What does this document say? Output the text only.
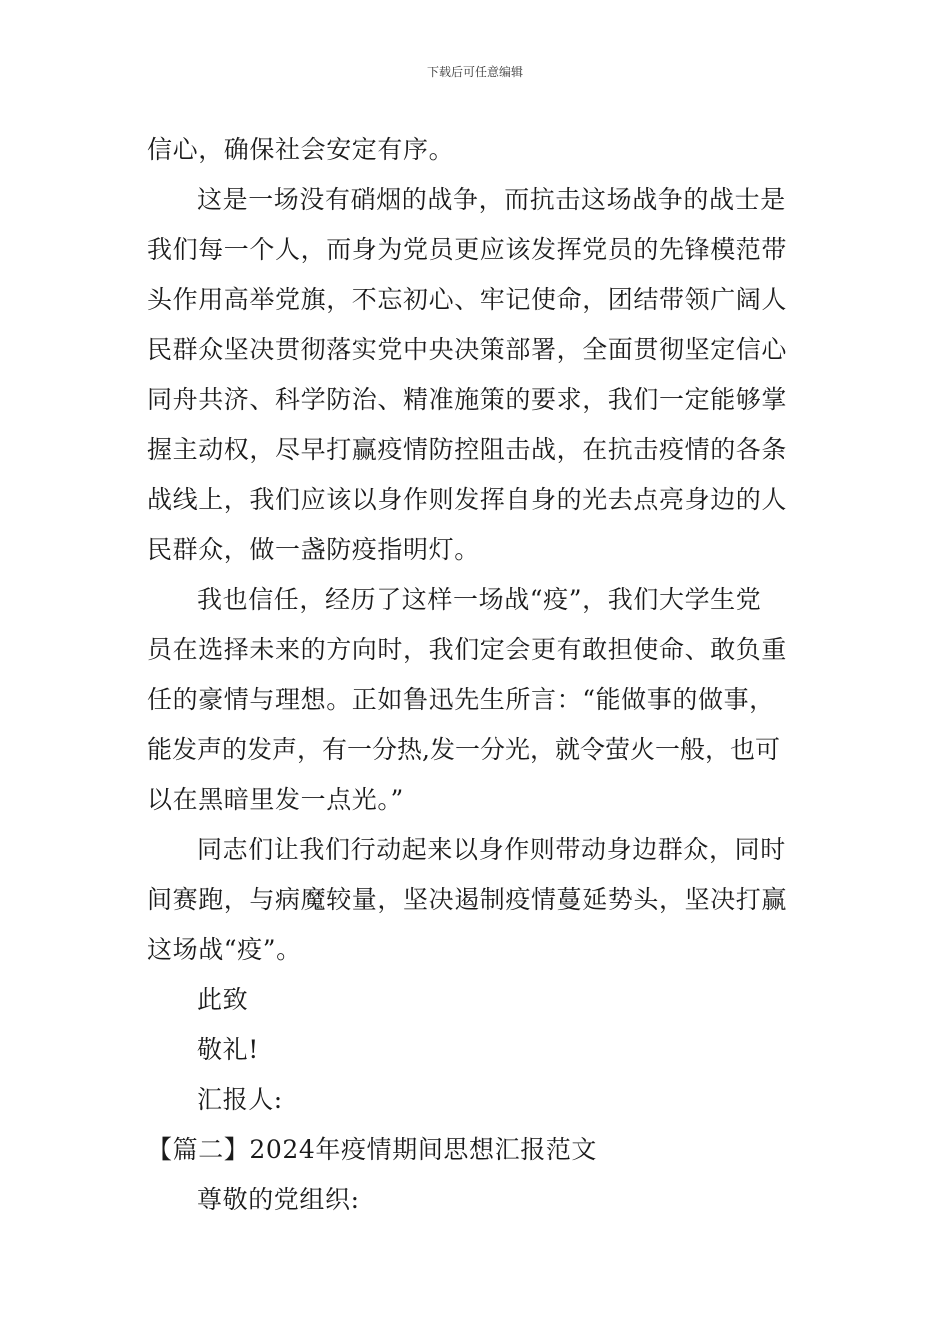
下载后可任意编辑
信心，确保社会安定有序。
这是一场没有硝烟的战争，而抗击这场战争的战士是
我们每一个人，而身为党员更应该发挥党员的先锋模范带
头作用高举党旗，不忘初心、牢记使命，团结带领广阔人
民群众坚决贯彻落实党中央决策部署，全面贯彻坚定信心
同舟共济、科学防治、精准施策的要求，我们一定能够掌
握主动权，尽早打赢疫情防控阻击战，在抗击疫情的各条
战线上，我们应该以身作则发挥自身的光去点亮身边的人
民群众，做一盏防疫指明灯。
我也信任，经历了这样一场战“疫”，我们大学生党
员在选择未来的方向时，我们定会更有敢担使命、敢负重
任的豪情与理想。正如鲁迅先生所言：“能做事的做事，
能发声的发声，有一分热,发一分光，就令萤火一般，也可
以在黑暗里发一点光。”
同志们让我们行动起来以身作则带动身边群众，同时
间赛跑，与病魔较量，坚决遏制疫情蔓延势头，坚决打赢
这场战“疫”。
此致
敬礼!
汇报人:
【篇二】2024年疫情期间思想汇报范文
尊敬的党组织:
